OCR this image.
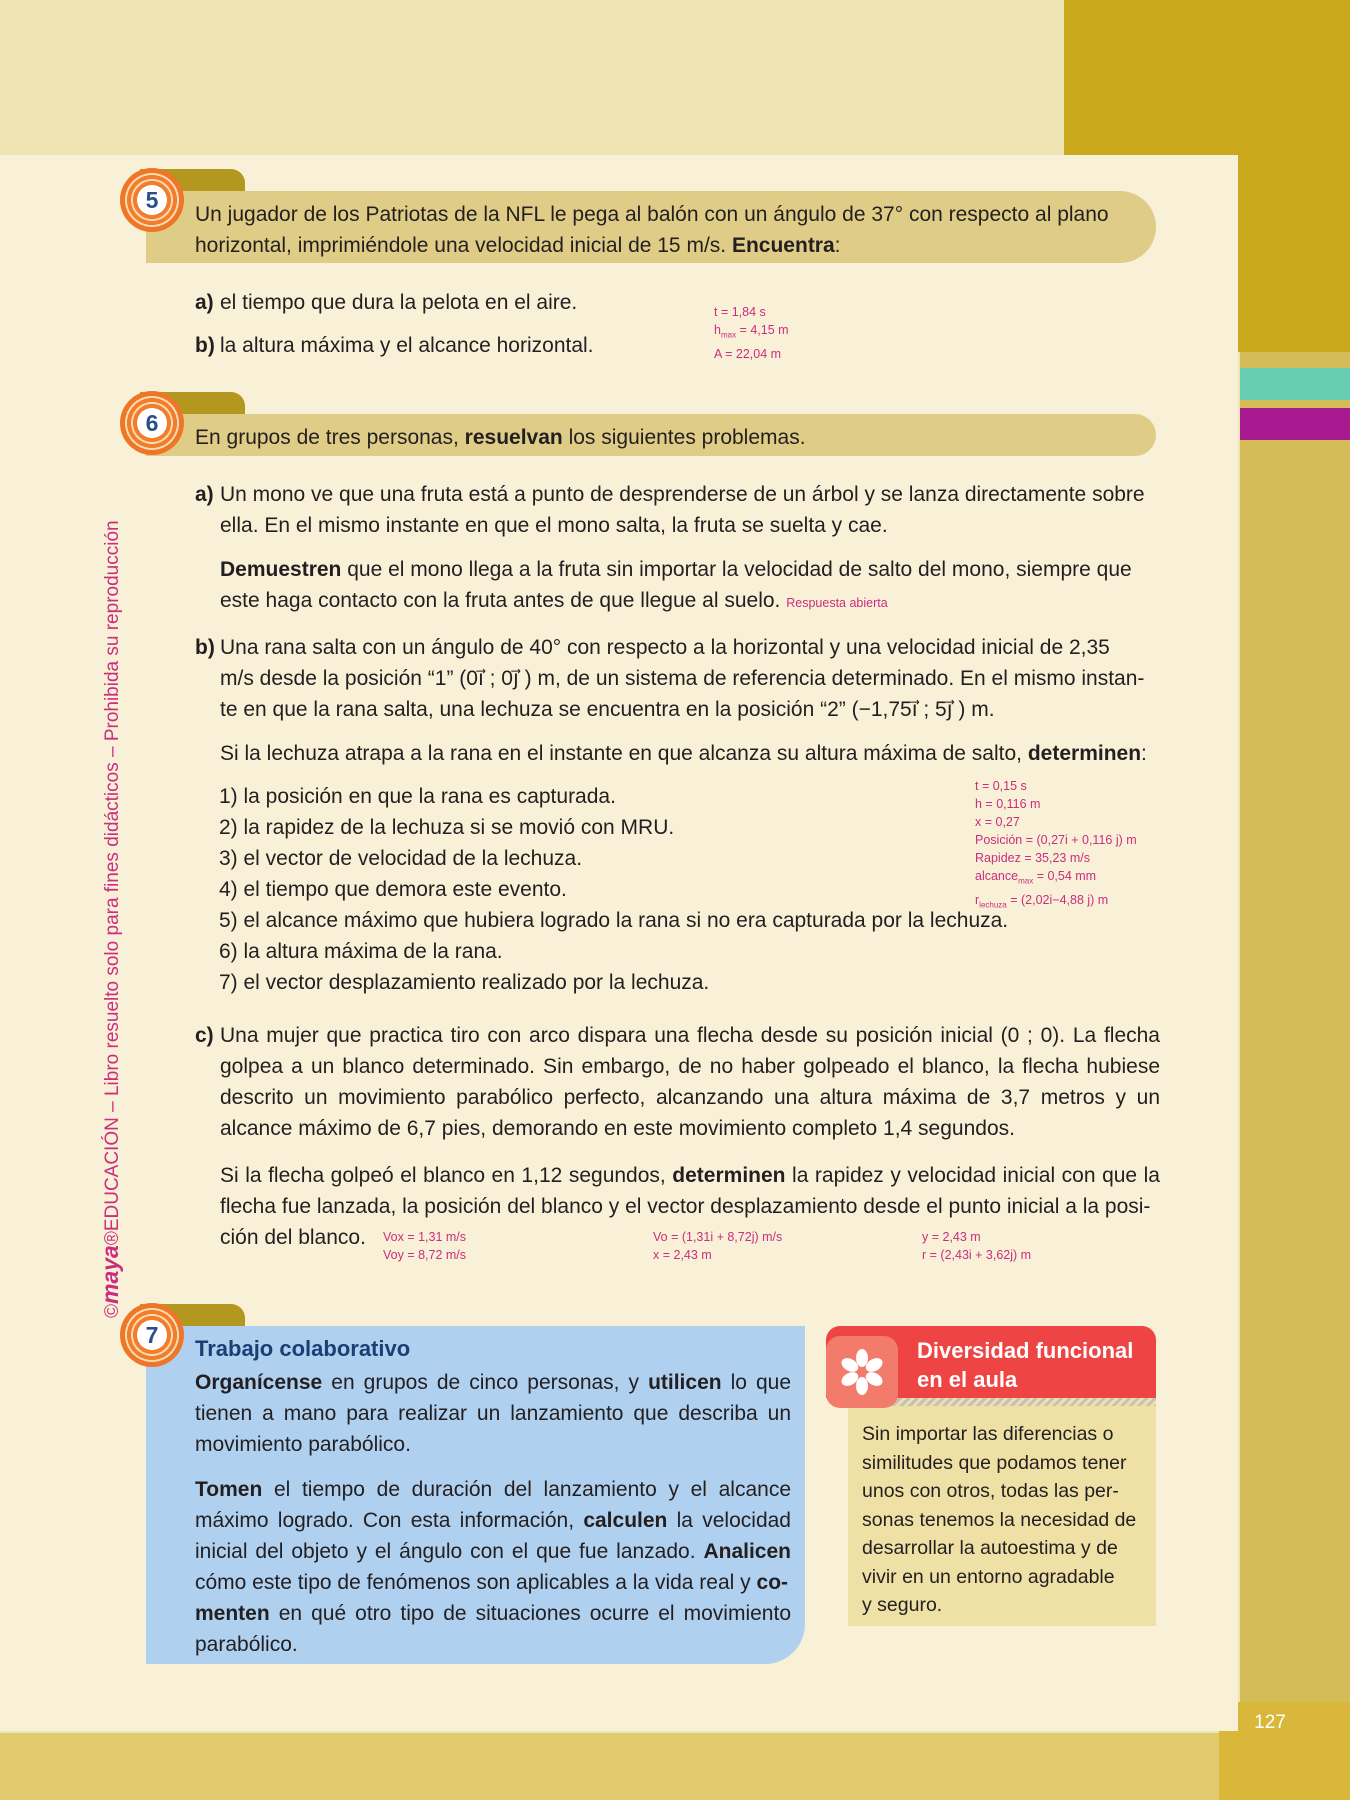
127
©maya®EDUCACIÓN – Libro resuelto solo para fines didácticos – Prohibida su reproducción
5
Un jugador de los Patriotas de la NFL le pega al balón con un ángulo de 37° con respecto al plano
horizontal, imprimiéndole una velocidad inicial de 15 m/s. Encuentra:
a) el tiempo que dura la pelota en el aire.
b) la altura máxima y el alcance horizontal.
t = 1,84 s
$h_{max} = 4,15$ m
A = 22,04 m
6
En grupos de tres personas, resuelvan los siguientes problemas.
a) Un mono ve que una fruta está a punto de desprenderse de un árbol y se lanza directamente sobre ella. En el mismo instante en que el mono salta, la fruta se suelta y cae.
Demuestren que el mono llega a la fruta sin importar la velocidad de salto del mono, siempre que este haga contacto con la fruta antes de que llegue al suelo. Respuesta abierta
b) Una rana salta con un ángulo de 40° con respecto a la horizontal y una velocidad inicial de 2,35
m/s desde la posición “1” (0i⃗ ; 0j⃗ ) m, de un sistema de referencia determinado. En el mismo instan-
te en que la rana salta, una lechuza se encuentra en la posición “2” (−1,75i⃗ ; 5j⃗ ) m.
Si la lechuza atrapa a la rana en el instante en que alcanza su altura máxima de salto, determinen:
1) la posición en que la rana es capturada.
2) la rapidez de la lechuza si se movió con MRU.
3) el vector de velocidad de la lechuza.
4) el tiempo que demora este evento.
5) el alcance máximo que hubiera logrado la rana si no era capturada por la lechuza.
6) la altura máxima de la rana.
7) el vector desplazamiento realizado por la lechuza.
t = 0,15 s
h = 0,116 m
x = 0,27
Posición = (0,27i + 0,116 j) m
Rapidez = 35,23 m/s
alcance$_{max}$ = 0,54 mm
$r_{lechuza} = (2,02i-4,88$ j) m
c) Una mujer que practica tiro con arco dispara una flecha desde su posición inicial (0 ; 0). La flecha golpea a un blanco determinado. Sin embargo, de no haber golpeado el blanco, la flecha hubiese descrito un movimiento parabólico perfecto, alcanzando una altura máxima de 3,7 metros y un alcance máximo de 6,7 pies, demorando en este movimiento completo 1,4 segundos.
Si la flecha golpeó el blanco en 1,12 segundos, determinen la rapidez y velocidad inicial con que la flecha fue lanzada, la posición del blanco y el vector desplazamiento desde el punto inicial a la posi-
ción del blanco. Vox = 1,31 m/s
Voy = 8,72 m/s
Vo = (1,31i + 8,72j) m/s
x = 2,43 m
y = 2,43 m
r = (2,43i + 3,62j) m
7
Trabajo colaborativo
Organícense en grupos de cinco personas, y utilicen lo que tienen a mano para realizar un lanzamiento que describa un movimiento parabólico.
Tomen el tiempo de duración del lanzamiento y el alcance máximo logrado. Con esta información, calculen la velocidad inicial del objeto y el ángulo con el que fue lanzado. Analicen cómo este tipo de fenómenos son aplicables a la vida real y co-
menten en qué otro tipo de situaciones ocurre el movimiento parabólico.
Diversidad funcional en el aula
Sin importar las diferencias o
similitudes que podamos tener
unos con otros, todas las per-
sonas tenemos la necesidad de
desarrollar la autoestima y de
vivir en un entorno agradable
y seguro.
